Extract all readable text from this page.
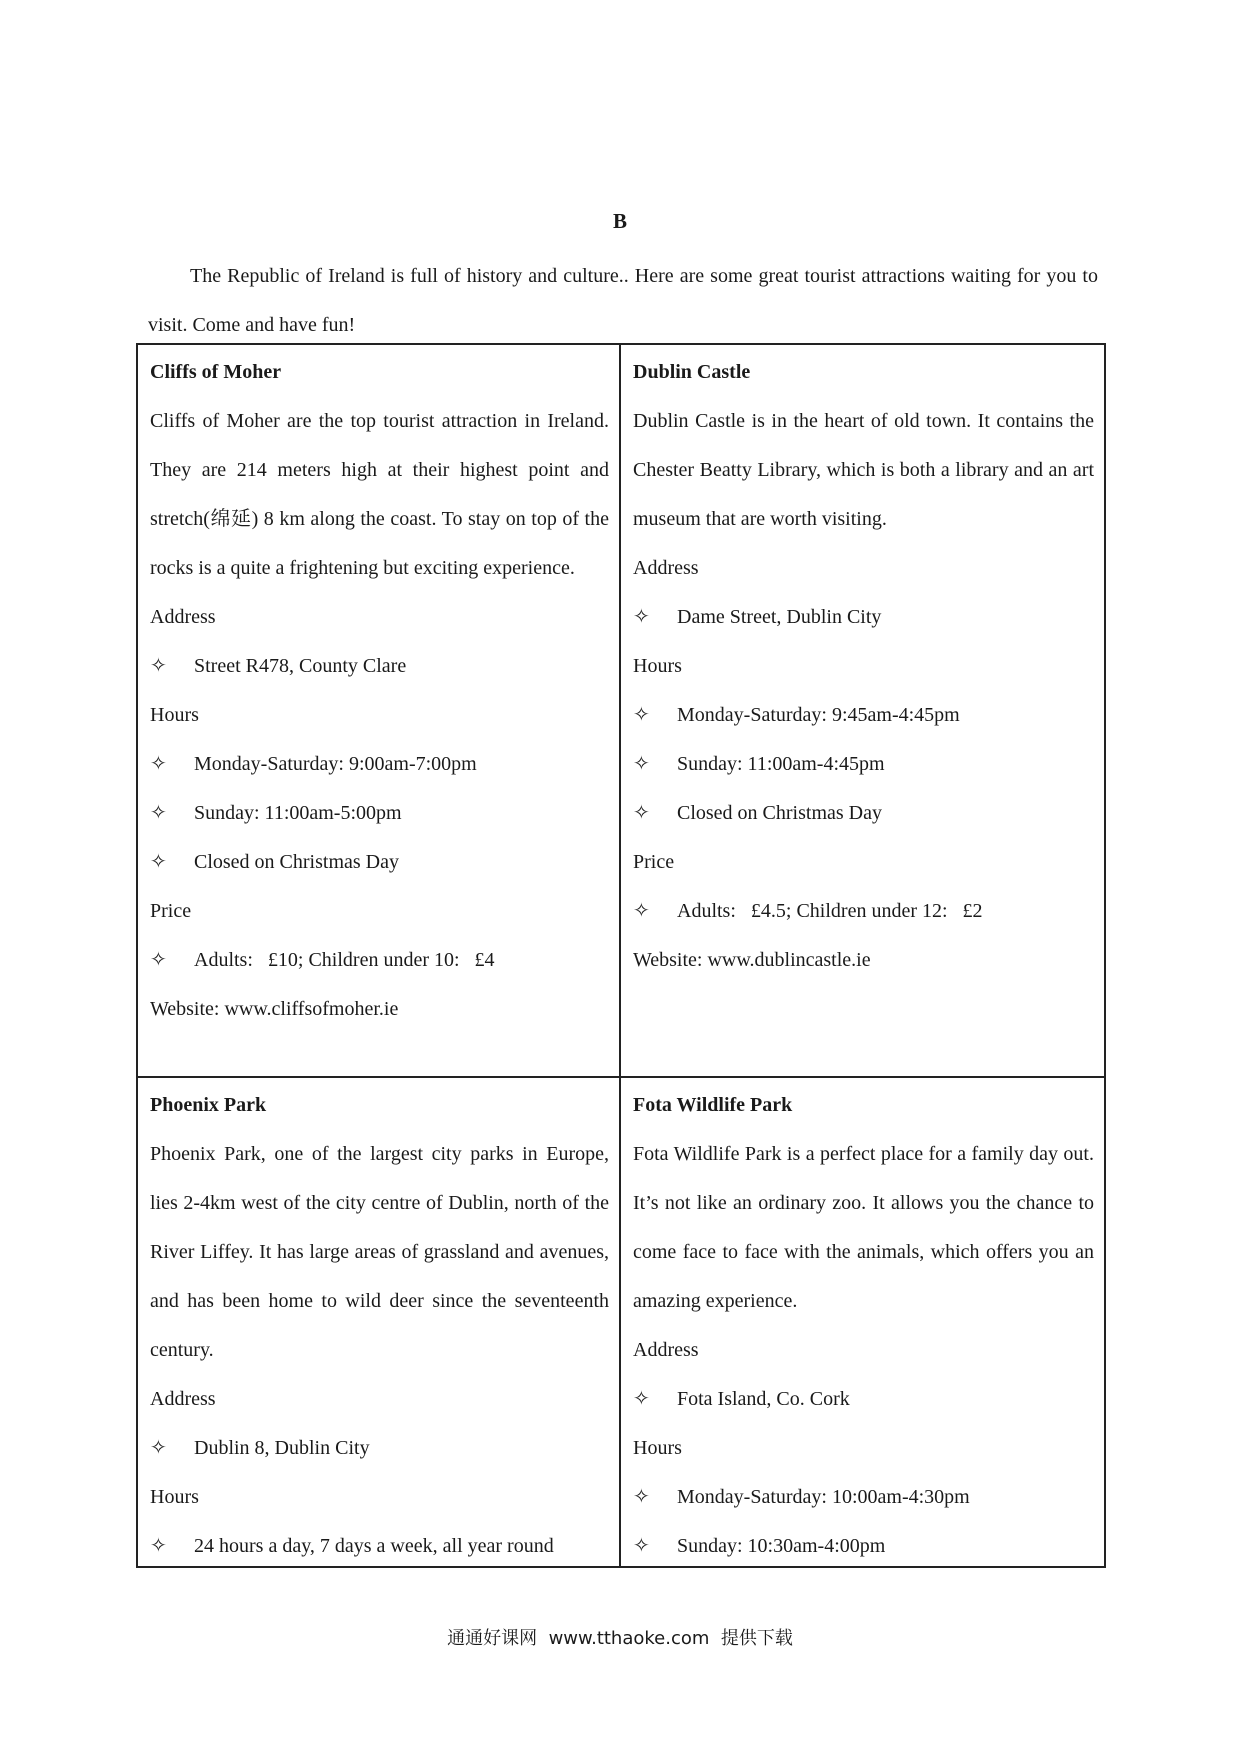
B

The Republic of Ireland is full of history and culture.. Here are some great tourist attractions waiting for you to visit. Come and have fun!

Cliffs of Moher

Cliffs of Moher are the top tourist attraction in Ireland. They are 214 meters high at their highest point and stretch(绵延) 8 km along the coast. To stay on top of the rocks is a quite a frightening but exciting experience.

Address

✧	Street R478, County Clare

Hours

✧	Monday-Saturday: 9:00am-7:00pm

✧	Sunday: 11:00am-5:00pm

✧	Closed on Christmas Day

Price

✧	Adults:   £10; Children under 10:   £4

Website: www.cliffsofmoher.ie

Dublin Castle

Dublin Castle is in the heart of old town. It contains the Chester Beatty Library, which is both a library and an art museum that are worth visiting.

Address

✧	Dame Street, Dublin City

Hours

✧	Monday-Saturday: 9:45am-4:45pm

✧	Sunday: 11:00am-4:45pm

✧	Closed on Christmas Day

Price

✧	Adults:   £4.5; Children under 12:   £2

Website: www.dublincastle.ie

Phoenix Park

Phoenix Park, one of the largest city parks in Europe, lies 2-4km west of the city centre of Dublin, north of the River Liffey. It has large areas of grassland and avenues, and has been home to wild deer since the seventeenth century.

Address

✧	Dublin 8, Dublin City

Hours

✧	24 hours a day, 7 days a week, all year round

Fota Wildlife Park

Fota Wildlife Park is a perfect place for a family day out. It’s not like an ordinary zoo. It allows you the chance to come face to face with the animals, which offers you an amazing experience.

Address

✧	Fota Island, Co. Cork

Hours

✧	Monday-Saturday: 10:00am-4:30pm

✧	Sunday: 10:30am-4:00pm

通通好课网  www.tthaoke.com  提供下载
